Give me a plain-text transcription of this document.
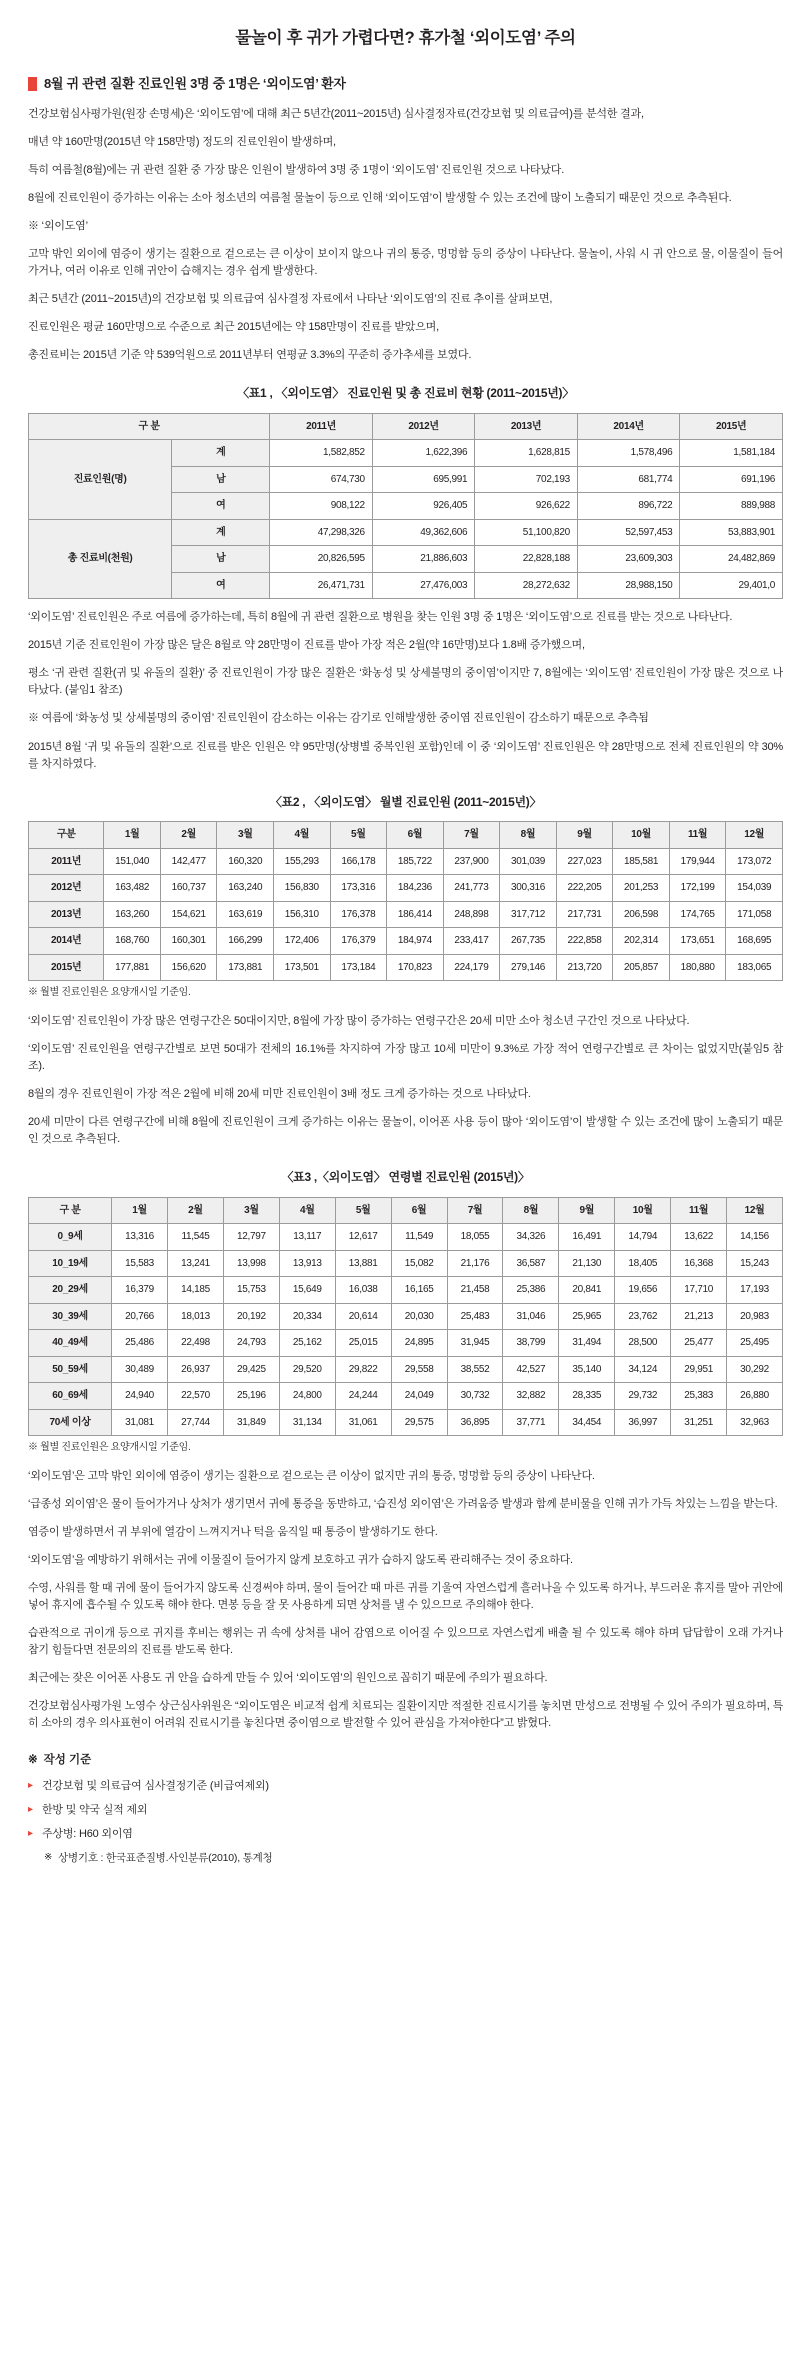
물놀이 후 귀가 가렵다면? 휴가철 ‘외이도염’ 주의
8월 귀 관련 질환 진료인원 3명 중 1명은 ‘외이도염’ 환자

건강보험심사평가원(원장 손명세)은 ‘외이도염’에 대해 최근 5년간(2011~2015년) 심사결정자료(건강보험 및 의료급여)를 분석한 결과,

매년 약 160만명(2015년 약 158만명) 정도의 진료인원이 발생하며,

특히 여름철(8월)에는 귀 관련 질환 중 가장 많은 인원이 발생하여 3명 중 1명이 ‘외이도염’ 진료인원 것으로 나타났다.

8월에 진료인원이 증가하는 이유는 소아 청소년의 여름철 물놀이 등으로 인해 ‘외이도염’이 발생할 수 있는 조건에 많이 노출되기 때문인 것으로 추측된다.

※ ‘외이도염’

고막 밖인 외이에 염증이 생기는 질환으로 겉으로는 큰 이상이 보이지 않으나 귀의 통증, 멍멍함 등의 증상이 나타난다. 물놀이, 사워 시 귀 안으로 물, 이물질이 들어가거나, 여러 이유로 인해 귀안이 습해지는 경우 쉽게 발생한다.

최근 5년간 (2011~2015년)의 건강보험 및 의료급여 심사결정 자료에서 나타난 ‘외이도염’의 진료 추이를 살펴보면,

진료인원은 평균 160만명으로 수준으로 최근 2015년에는 약 158만명이 진료를 받았으며,

총진료비는 2015년 기준 약 539억원으로 2011년부터 연평균 3.3%의 꾸준히 증가추세를 보였다.

〈표1 , 〈외이도염〉 진료인원 및 총 진료비 현황 (2011~2015년)〉
구 분		2011년	2012년	2013년	2014년	2015년
진료인원(명)	계	1,582,852	1,622,396	1,628,815	1,578,496	1,581,184
	남	674,730	695,991	702,193	681,774	691,196
	여	908,122	926,405	926,622	896,722	889,988
총 진료비(천원)	계	47,298,326	49,362,606	51,100,820	52,597,453	53,883,901
	남	20,826,595	21,886,603	22,828,188	23,609,303	24,482,869
	여	26,471,731	27,476,003	28,272,632	28,988,150	29,401,0

‘외이도염’ 진료인원은 주로 여름에 증가하는데, 특히 8월에 귀 관련 질환으로 병원을 찾는 인원 3명 중 1명은 ‘외이도염’으로 진료를 받는 것으로 나타난다.

2015년 기준 진료인원이 가장 많은 달은 8월로 약 28만명이 진료를 받아 가장 적은 2월(약 16만명)보다 1.8배 증가했으며,

평소 ‘귀 관련 질환(귀 및 유돌의 질환)’ 중 진료인원이 가장 많은 질환은 ‘화농성 및 상세불명의 중이염’이지만 7, 8월에는 ‘외이도염’ 진료인원이 가장 많은 것으로 나타났다. (붙임1 참조)

※ 여름에 ‘화농성 및 상세불명의 중이염’ 진료인원이 감소하는 이유는 감기로 인해발생한 중이염 진료인원이 감소하기 때문으로 추측됨

2015년 8월 ‘귀 및 유돌의 질환’으로 진료를 받은 인원은 약 95만명(상병별 중복인원 포함)인데 이 중 ‘외이도염’ 진료인원은 약 28만명으로 전체 진료인원의 약 30%를 차지하였다.

〈표2 , 〈외이도염〉 월별 진료인원 (2011~2015년)〉
구분	1월	2월	3월	4월	5월	6월	7월	8월	9월	10월	11월	12월
2011년	151,040	142,477	160,320	155,293	166,178	185,722	237,900	301,039	227,023	185,581	179,944	173,072
2012년	163,482	160,737	163,240	156,830	173,316	184,236	241,773	300,316	222,205	201,253	172,199	154,039
2013년	163,260	154,621	163,619	156,310	176,378	186,414	248,898	317,712	217,731	206,598	174,765	171,058
2014년	168,760	160,301	166,299	172,406	176,379	184,974	233,417	267,735	222,858	202,314	173,651	168,695
2015년	177,881	156,620	173,881	173,501	173,184	170,823	224,179	279,146	213,720	205,857	180,880	183,065
※ 월별 진료인원은 요양개시일 기준임.

‘외이도염’ 진료인원이 가장 많은 연령구간은 50대이지만, 8월에 가장 많이 증가하는 연령구간은 20세 미만 소아 청소년 구간인 것으로 나타났다.

‘외이도염’ 진료인원을 연령구간별로 보면 50대가 전체의 16.1%를 차지하여 가장 많고 10세 미만이 9.3%로 가장 적어 연령구간별로 큰 차이는 없었지만(붙임5 참조).

8월의 경우 진료인원이 가장 적은 2월에 비해 20세 미만 진료인원이 3배 정도 크게 증가하는 것으로 나타났다.

20세 미만이 다른 연령구간에 비해 8월에 진료인원이 크게 증가하는 이유는 물놀이, 이어폰 사용 등이 많아 ‘외이도염’이 발생할 수 있는 조건에 많이 노출되기 때문인 것으로 추측된다.

〈표3 ,〈외이도염〉 연령별 진료인원 (2015년)〉
구 분	1월	2월	3월	4월	5월	6월	7월	8월	9월	10월	11월	12월
0_9세	13,316	11,545	12,797	13,117	12,617	11,549	18,055	34,326	16,491	14,794	13,622	14,156
10_19세	15,583	13,241	13,998	13,913	13,881	15,082	21,176	36,587	21,130	18,405	16,368	15,243
20_29세	16,379	14,185	15,753	15,649	16,038	16,165	21,458	25,386	20,841	19,656	17,710	17,193
30_39세	20,766	18,013	20,192	20,334	20,614	20,030	25,483	31,046	25,965	23,762	21,213	20,983
40_49세	25,486	22,498	24,793	25,162	25,015	24,895	31,945	38,799	31,494	28,500	25,477	25,495
50_59세	30,489	26,937	29,425	29,520	29,822	29,558	38,552	42,527	35,140	34,124	29,951	30,292
60_69세	24,940	22,570	25,196	24,800	24,244	24,049	30,732	32,882	28,335	29,732	25,383	26,880
70세 이상	31,081	27,744	31,849	31,134	31,061	29,575	36,895	37,771	34,454	36,997	31,251	32,963
※ 월별 진료인원은 요양개시일 기준임.

‘외이도염’은 고막 밖인 외이에 염증이 생기는 질환으로 겉으로는 큰 이상이 없지만 귀의 통증, 멍멍함 등의 증상이 나타난다.

‘급종성 외이염’은 물이 들어가거나 상처가 생기면서 귀에 통증을 동반하고, ‘습진성 외이염’은 가려움증 발생과 함께 분비물을 인해 귀가 가득 차있는 느낌을 받는다.

염증이 발생하면서 귀 부위에 열감이 느껴지거나 턱을 움직일 때 통증이 발생하기도 한다.

‘외이도염’을 예방하기 위해서는 귀에 이물질이 들어가지 않게 보호하고 귀가 습하지 않도록 관리해주는 것이 중요하다.

수영, 사워를 할 때 귀에 물이 들어가지 않도록 신경써야 하며, 물이 들어간 때 마른 귀를 기울여 자연스럽게 흘러나올 수 있도록 하거나, 부드러운 휴지를 말아 귀안에 넣어 휴지에 흡수될 수 있도록 해야 한다. 면봉 등을 잘 못 사용하게 되면 상처를 낼 수 있으므로 주의해야 한다.

습관적으로 귀이개 등으로 귀지를 후비는 행위는 귀 속에 상처를 내어 감염으로 이어질 수 있으므로 자연스럽게 배출 될 수 있도록 해야 하며 답답함이 오래 가거나 참기 힘들다면 전문의의 진료를 받도록 한다.

최근에는 잦은 이어폰 사용도 귀 안을 습하게 만들 수 있어 ‘외이도염’의 원인으로 꼽히기 때문에 주의가 필요하다.

건강보험심사평가원 노영수 상근심사위원은 “외이도염은 비교적 쉽게 치료되는 질환이지만 적절한 진료시기를 놓치면 만성으로 전병될 수 있어 주의가 필요하며, 특히 소아의 경우 의사표현이 어려워 진료시기를 놓친다면 중이염으로 발전할 수 있어 관심을 가져야한다”고 밝혔다.

※ 작성 기준
▸ 건강보험 및 의료급여 심사결정기준 (비급여제외)
▸ 한방 및 약국 실적 제외
▸ 주상병: H60 외이염
※ 상병기호 : 한국표준질병.사인분류(2010), 통계청
